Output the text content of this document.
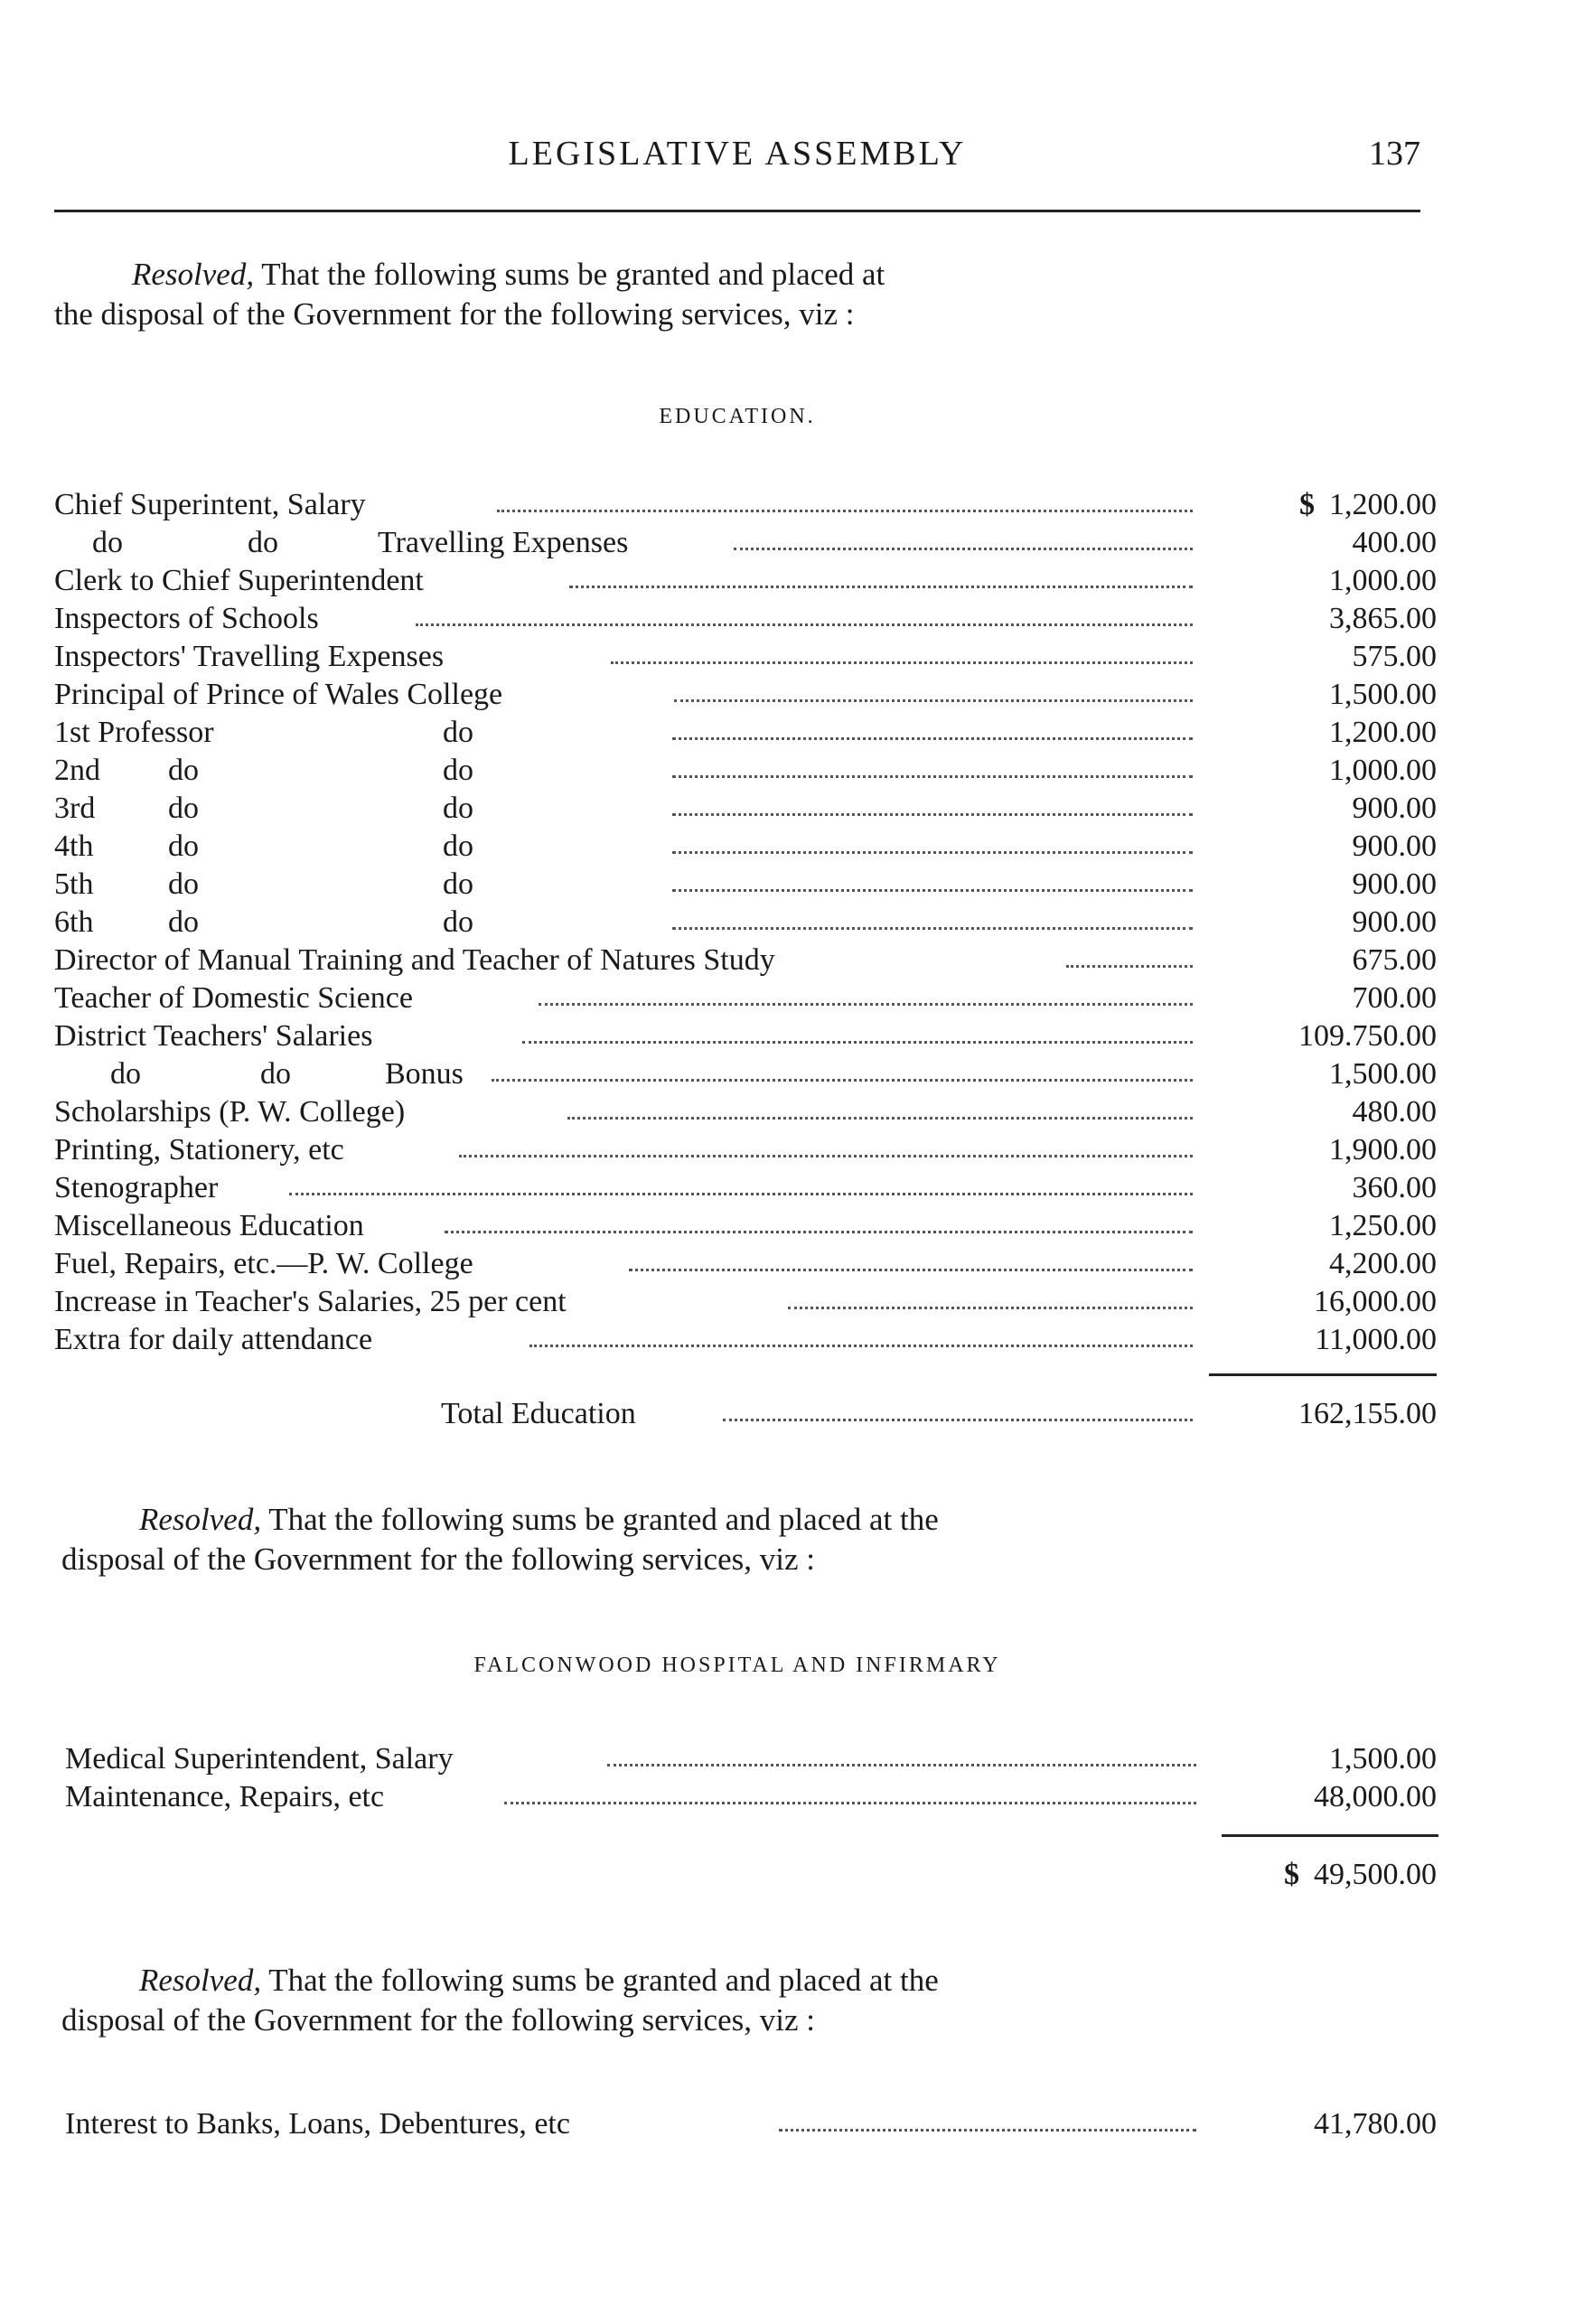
LEGISLATIVE ASSEMBLY	137
Resolved, That the following sums be granted and placed at
the disposal of the Government for the following services, viz :
EDUCATION.
Chief Superintent, Salary	$ 1,200.00
do	do	Travelling Expenses	400.00
Clerk to Chief Superintendent	1,000.00
Inspectors of Schools	3,865.00
Inspectors' Travelling Expenses	575.00
Principal of Prince of Wales College	1,500.00
1st Professor	do	1,200.00
2nd do	do	1,000.00
3rd do	do	900.00
4th do	do	900.00
5th do	do	900.00
6th do	do	900.00
Director of Manual Training and Teacher of Natures Study	675.00
Teacher of Domestic Science	700.00
District Teachers' Salaries	109.750.00
do	do	Bonus	1,500.00
Scholarships (P. W. College)	480.00
Printing, Stationery, etc	1,900.00
Stenographer	360.00
Miscellaneous Education	1,250.00
Fuel, Repairs, etc.—P. W. College	4,200.00
Increase in Teacher's Salaries, 25 per cent	16,000.00
Extra for daily attendance	11,000.00
Total Education	162,155.00
Resolved, That the following sums be granted and placed at the
disposal of the Government for the following services, viz :
FALCONWOOD HOSPITAL AND INFIRMARY
Medical Superintendent, Salary	1,500.00
Maintenance, Repairs, etc	48,000.00
$ 49,500.00
Resolved, That the following sums be granted and placed at the
disposal of the Government for the following services, viz :
Interest to Banks, Loans, Debentures, etc	41,780.00
